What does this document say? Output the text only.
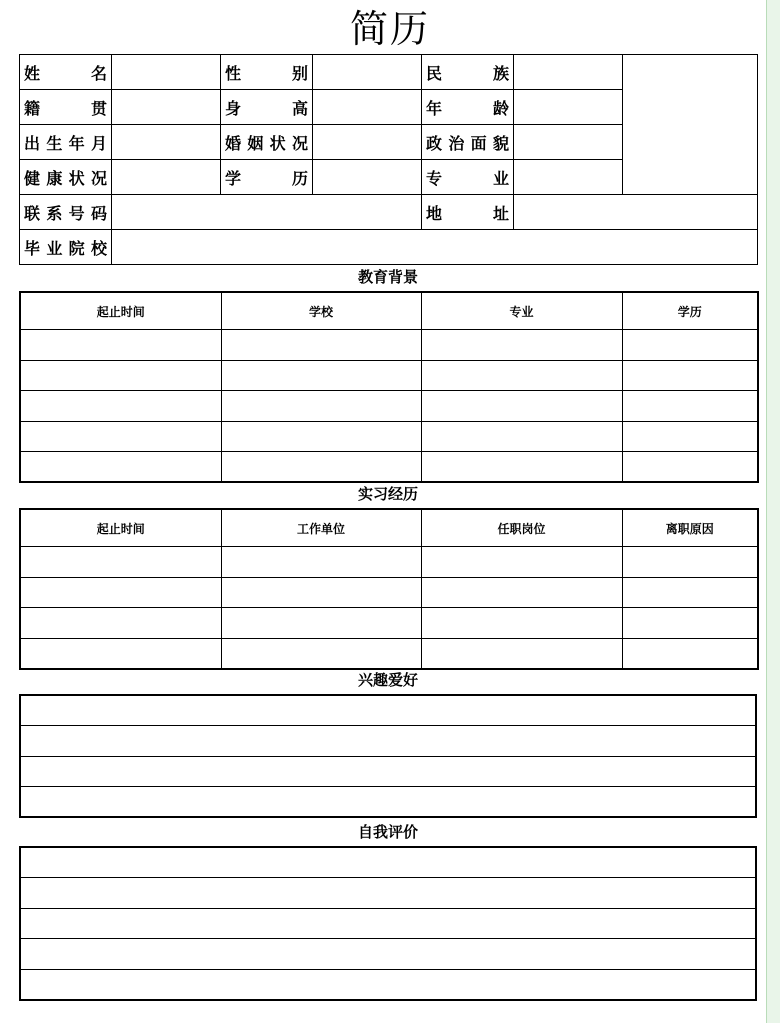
简历
姓　名		性　别		民　族		

籍　贯		身　高		年　龄		

出生年月		婚姻状况		政治面貌		

健康状况		学　历		专　业		

联系号码				地　址		

毕业院校						

教育背景
起止时间	学校	专业	学历

实习经历
起止时间	工作单位	任职岗位	离职原因

兴趣爱好

自我评价
